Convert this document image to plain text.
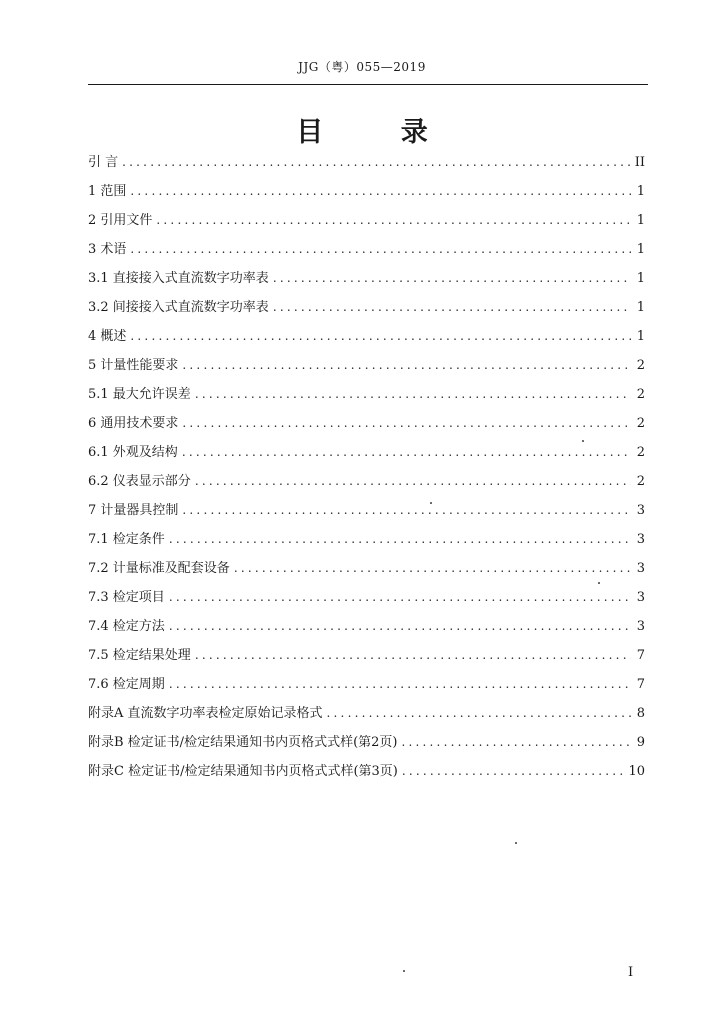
JJG（粤）055—2019
目 录
引 言 .....	II
1 范围 .....	1
2 引用文件 .....	1
3 术语 .....	1
3.1 直接接入式直流数字功率表 .....	1
3.2 间接接入式直流数字功率表 .....	1
4 概述 .....	1
5 计量性能要求 .....	2
5.1 最大允许误差 .....	2
6 通用技术要求 .....	2
6.1 外观及结构 .....	2
6.2 仪表显示部分 .....	2
7 计量器具控制 .....	3
7.1 检定条件 .....	3
7.2 计量标准及配套设备 .....	3
7.3 检定项目 .....	3
7.4 检定方法 .....	3
7.5 检定结果处理 .....	7
7.6 检定周期 .....	7
附录A 直流数字功率表检定原始记录格式 .....	8
附录B 检定证书/检定结果通知书内页格式式样(第2页) .....	9
附录C 检定证书/检定结果通知书内页格式式样(第3页) .....	10
I
